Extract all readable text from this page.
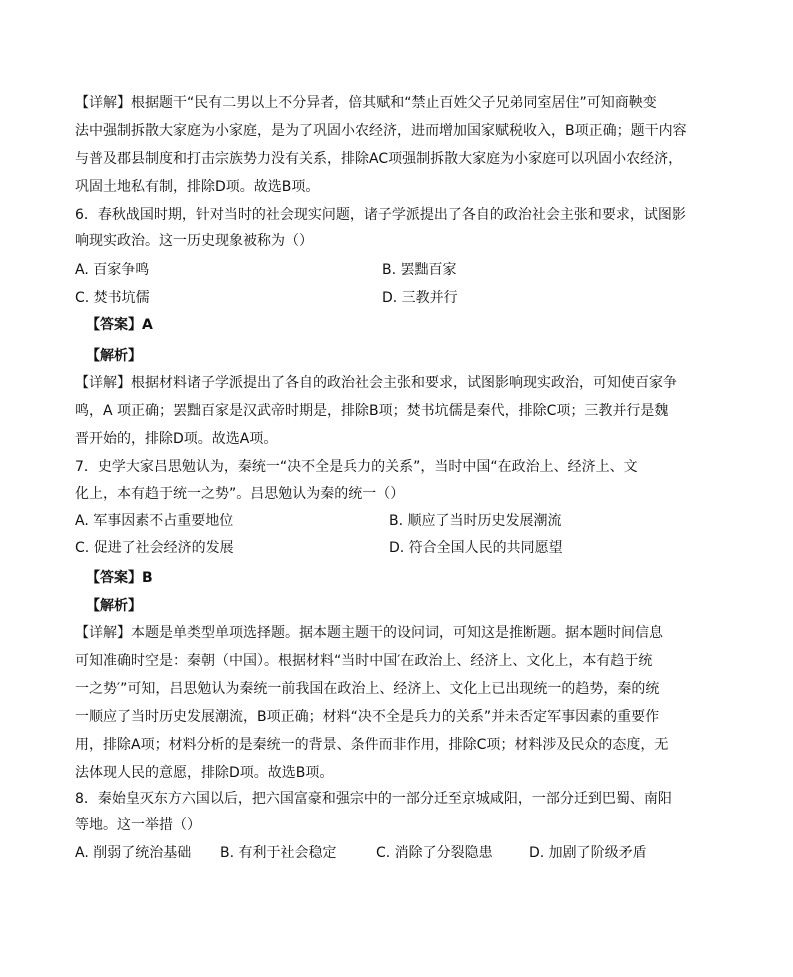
【详解】根据题干“民有二男以上不分异者，倍其赋和“禁止百姓父子兄弟同室居住”可知商鞅变
法中强制拆散大家庭为小家庭，是为了巩固小农经济，进而增加国家赋税收入，B项正确；题干内容
与普及郡县制度和打击宗族势力没有关系，排除AC项强制拆散大家庭为小家庭可以巩固小农经济，
巩固土地私有制，排除D项。故选B项。
6．春秋战国时期，针对当时的社会现实问题，诸子学派提出了各自的政治社会主张和要求，试图影
响现实政治。这一历史现象被称为（）
A. 百家争鸣	B. 罢黜百家
C. 焚书坑儒	D. 三教并行
【答案】A
【解析】
【详解】根据材料诸子学派提出了各自的政治社会主张和要求，试图影响现实政治，可知使百家争
鸣，A 项正确；罢黜百家是汉武帝时期是，排除B项；焚书坑儒是秦代，排除C项；三教并行是魏
晋开始的，排除D项。故选A项。
7．史学大家吕思勉认为，秦统一“决不全是兵力的关系”，当时中国“在政治上、经济上、文
化上，本有趋于统一之势”。吕思勉认为秦的统一（）
A. 军事因素不占重要地位	B. 顺应了当时历史发展潮流
C. 促进了社会经济的发展	D. 符合全国人民的共同愿望
【答案】B
【解析】
【详解】本题是单类型单项选择题。据本题主题干的设问词，可知这是推断题。据本题时间信息
可知准确时空是：秦朝（中国）。根据材料“当时中国′在政治上、经济上、文化上，本有趋于统
一之势′”可知，吕思勉认为秦统一前我国在政治上、经济上、文化上已出现统一的趋势，秦的统
一顺应了当时历史发展潮流，B项正确；材料“决不全是兵力的关系”并未否定军事因素的重要作
用，排除A项；材料分析的是秦统一的背景、条件而非作用，排除C项；材料涉及民众的态度，无
法体现人民的意愿，排除D项。故选B项。
8．秦始皇灭东方六国以后，把六国富豪和强宗中的一部分迁至京城咸阳，一部分迁到巴蜀、南阳
等地。这一举措（）
A. 削弱了统治基础 B. 有利于社会稳定	C. 消除了分裂隐患	D. 加剧了阶级矛盾
